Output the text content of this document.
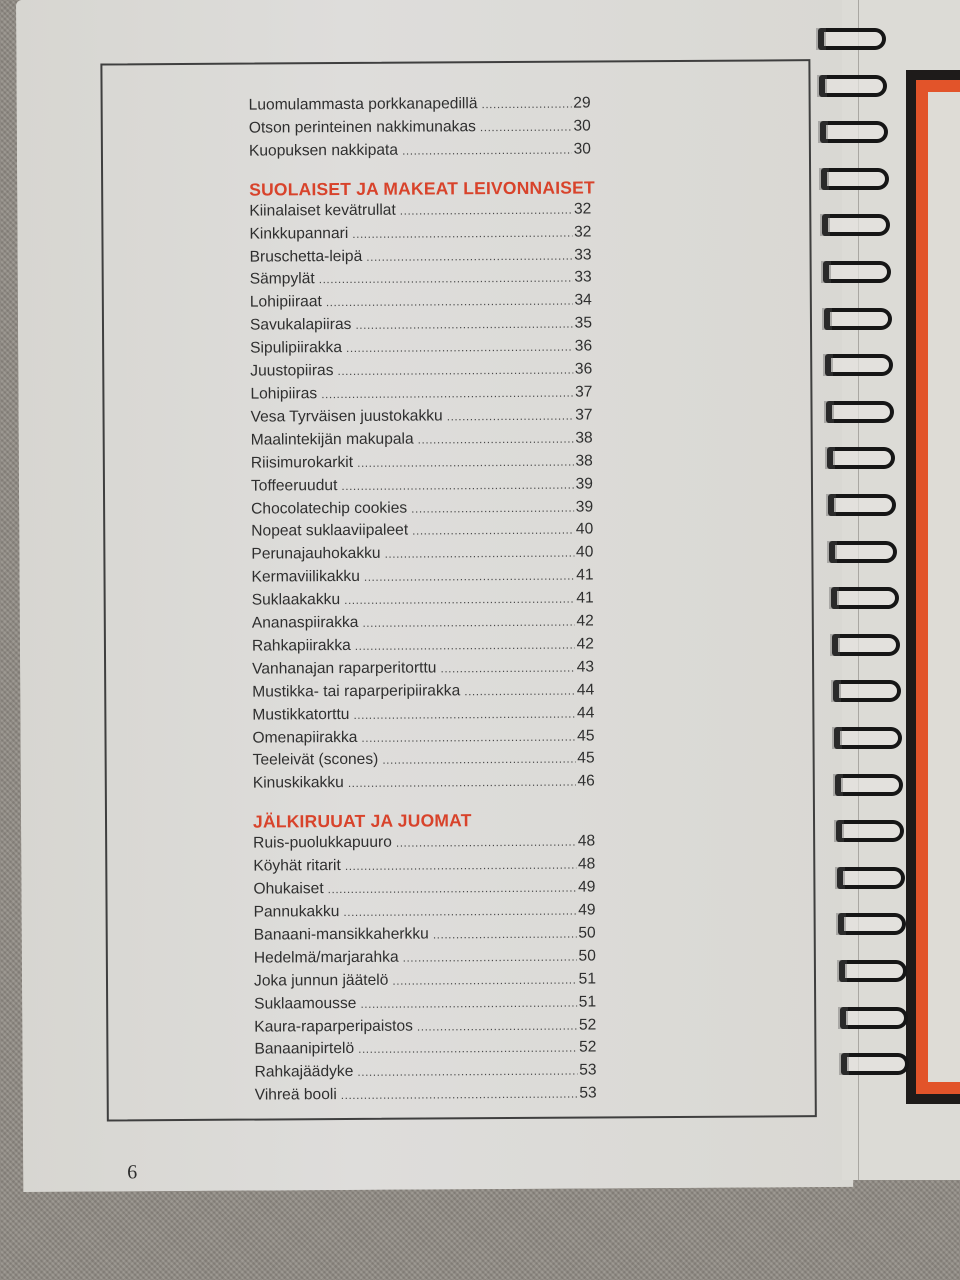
Luomulammasta porkkanapedillä .....	29
Otson perinteinen nakkimunakas .....	30
Kuopuksen nakkipata .....	30
SUOLAISET JA MAKEAT LEIVONNAISET
Kiinalaiset kevätrullat .....	32
Kinkkupannari .....	32
Bruschetta-leipä .....	33
Sämpylät .....	33
Lohipiiraat .....	34
Savukalapiiras .....	35
Sipulipiirakka .....	36
Juustopiiras .....	36
Lohipiiras .....	37
Vesa Tyrväisen juustokakku .....	37
Maalintekijän makupala .....	38
Riisimurokarkit .....	38
Toffeeruudut .....	39
Chocolatechip cookies .....	39
Nopeat suklaaviipaleet .....	40
Perunajauhokakku .....	40
Kermaviilikakku .....	41
Suklaakakku .....	41
Ananaspiirakka .....	42
Rahkapiirakka .....	42
Vanhanajan raparperitorttu .....	43
Mustikka- tai raparperipiirakka .....	44
Mustikkatorttu .....	44
Omenapiirakka .....	45
Teeleivät (scones) .....	45
Kinuskikakku .....	46
JÄLKIRUUAT JA JUOMAT
Ruis-puolukkapuuro .....	48
Köyhät ritarit .....	48
Ohukaiset .....	49
Pannukakku .....	49
Banaani-mansikkaherkku .....	50
Hedelmä/marjarahka .....	50
Joka junnun jäätelö .....	51
Suklaamousse .....	51
Kaura-raparperipaistos .....	52
Banaanipirtelö .....	52
Rahkajäädyke .....	53
Vihreä booli .....	53
6
